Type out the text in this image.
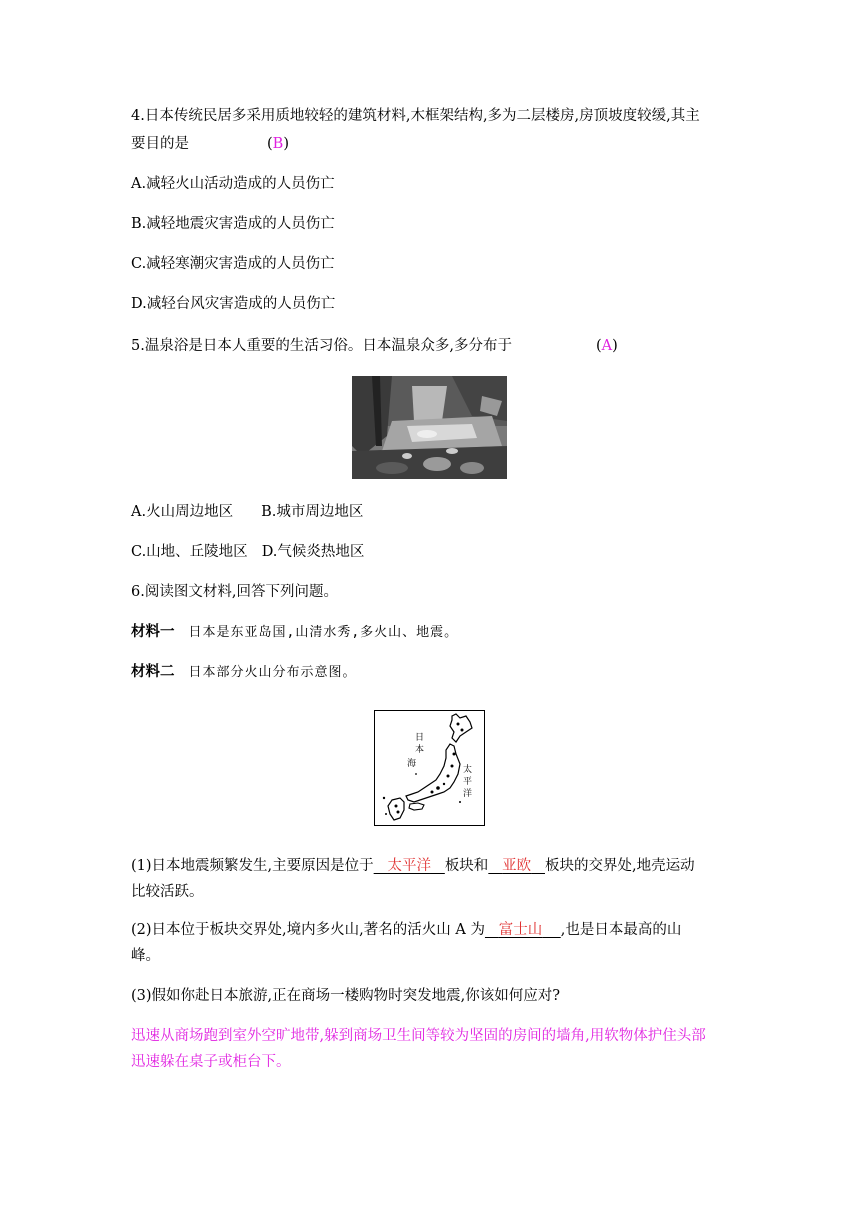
4.日本传统民居多采用质地较轻的建筑材料,木框架结构,多为二层楼房,房顶坡度较缓,其主
要目的是	(B)
A.减轻火山活动造成的人员伤亡
B.减轻地震灾害造成的人员伤亡
C.减轻寒潮灾害造成的人员伤亡
D.减轻台风灾害造成的人员伤亡
5.温泉浴是日本人重要的生活习俗。日本温泉众多,多分布于	(A)
A.火山周边地区 B.城市周边地区
C.山地、丘陵地区 D.气候炎热地区
6.阅读图文材料,回答下列问题。
材料一 日本是东亚岛国,山清水秀,多火山、地震。
材料二 日本部分火山分布示意图。
日
本
海
太
平
洋
(1)日本地震频繁发生,主要原因是位于 太平洋 板块和 亚欧 板块的交界处,地壳运动
比较活跃。
(2)日本位于板块交界处,境内多火山,著名的活火山 A 为 富士山 ,也是日本最高的山
峰。
(3)假如你赴日本旅游,正在商场一楼购物时突发地震,你该如何应对?
迅速从商场跑到室外空旷地带,躲到商场卫生间等较为坚固的房间的墙角,用软物体护住头部
迅速躲在桌子或柜台下。
